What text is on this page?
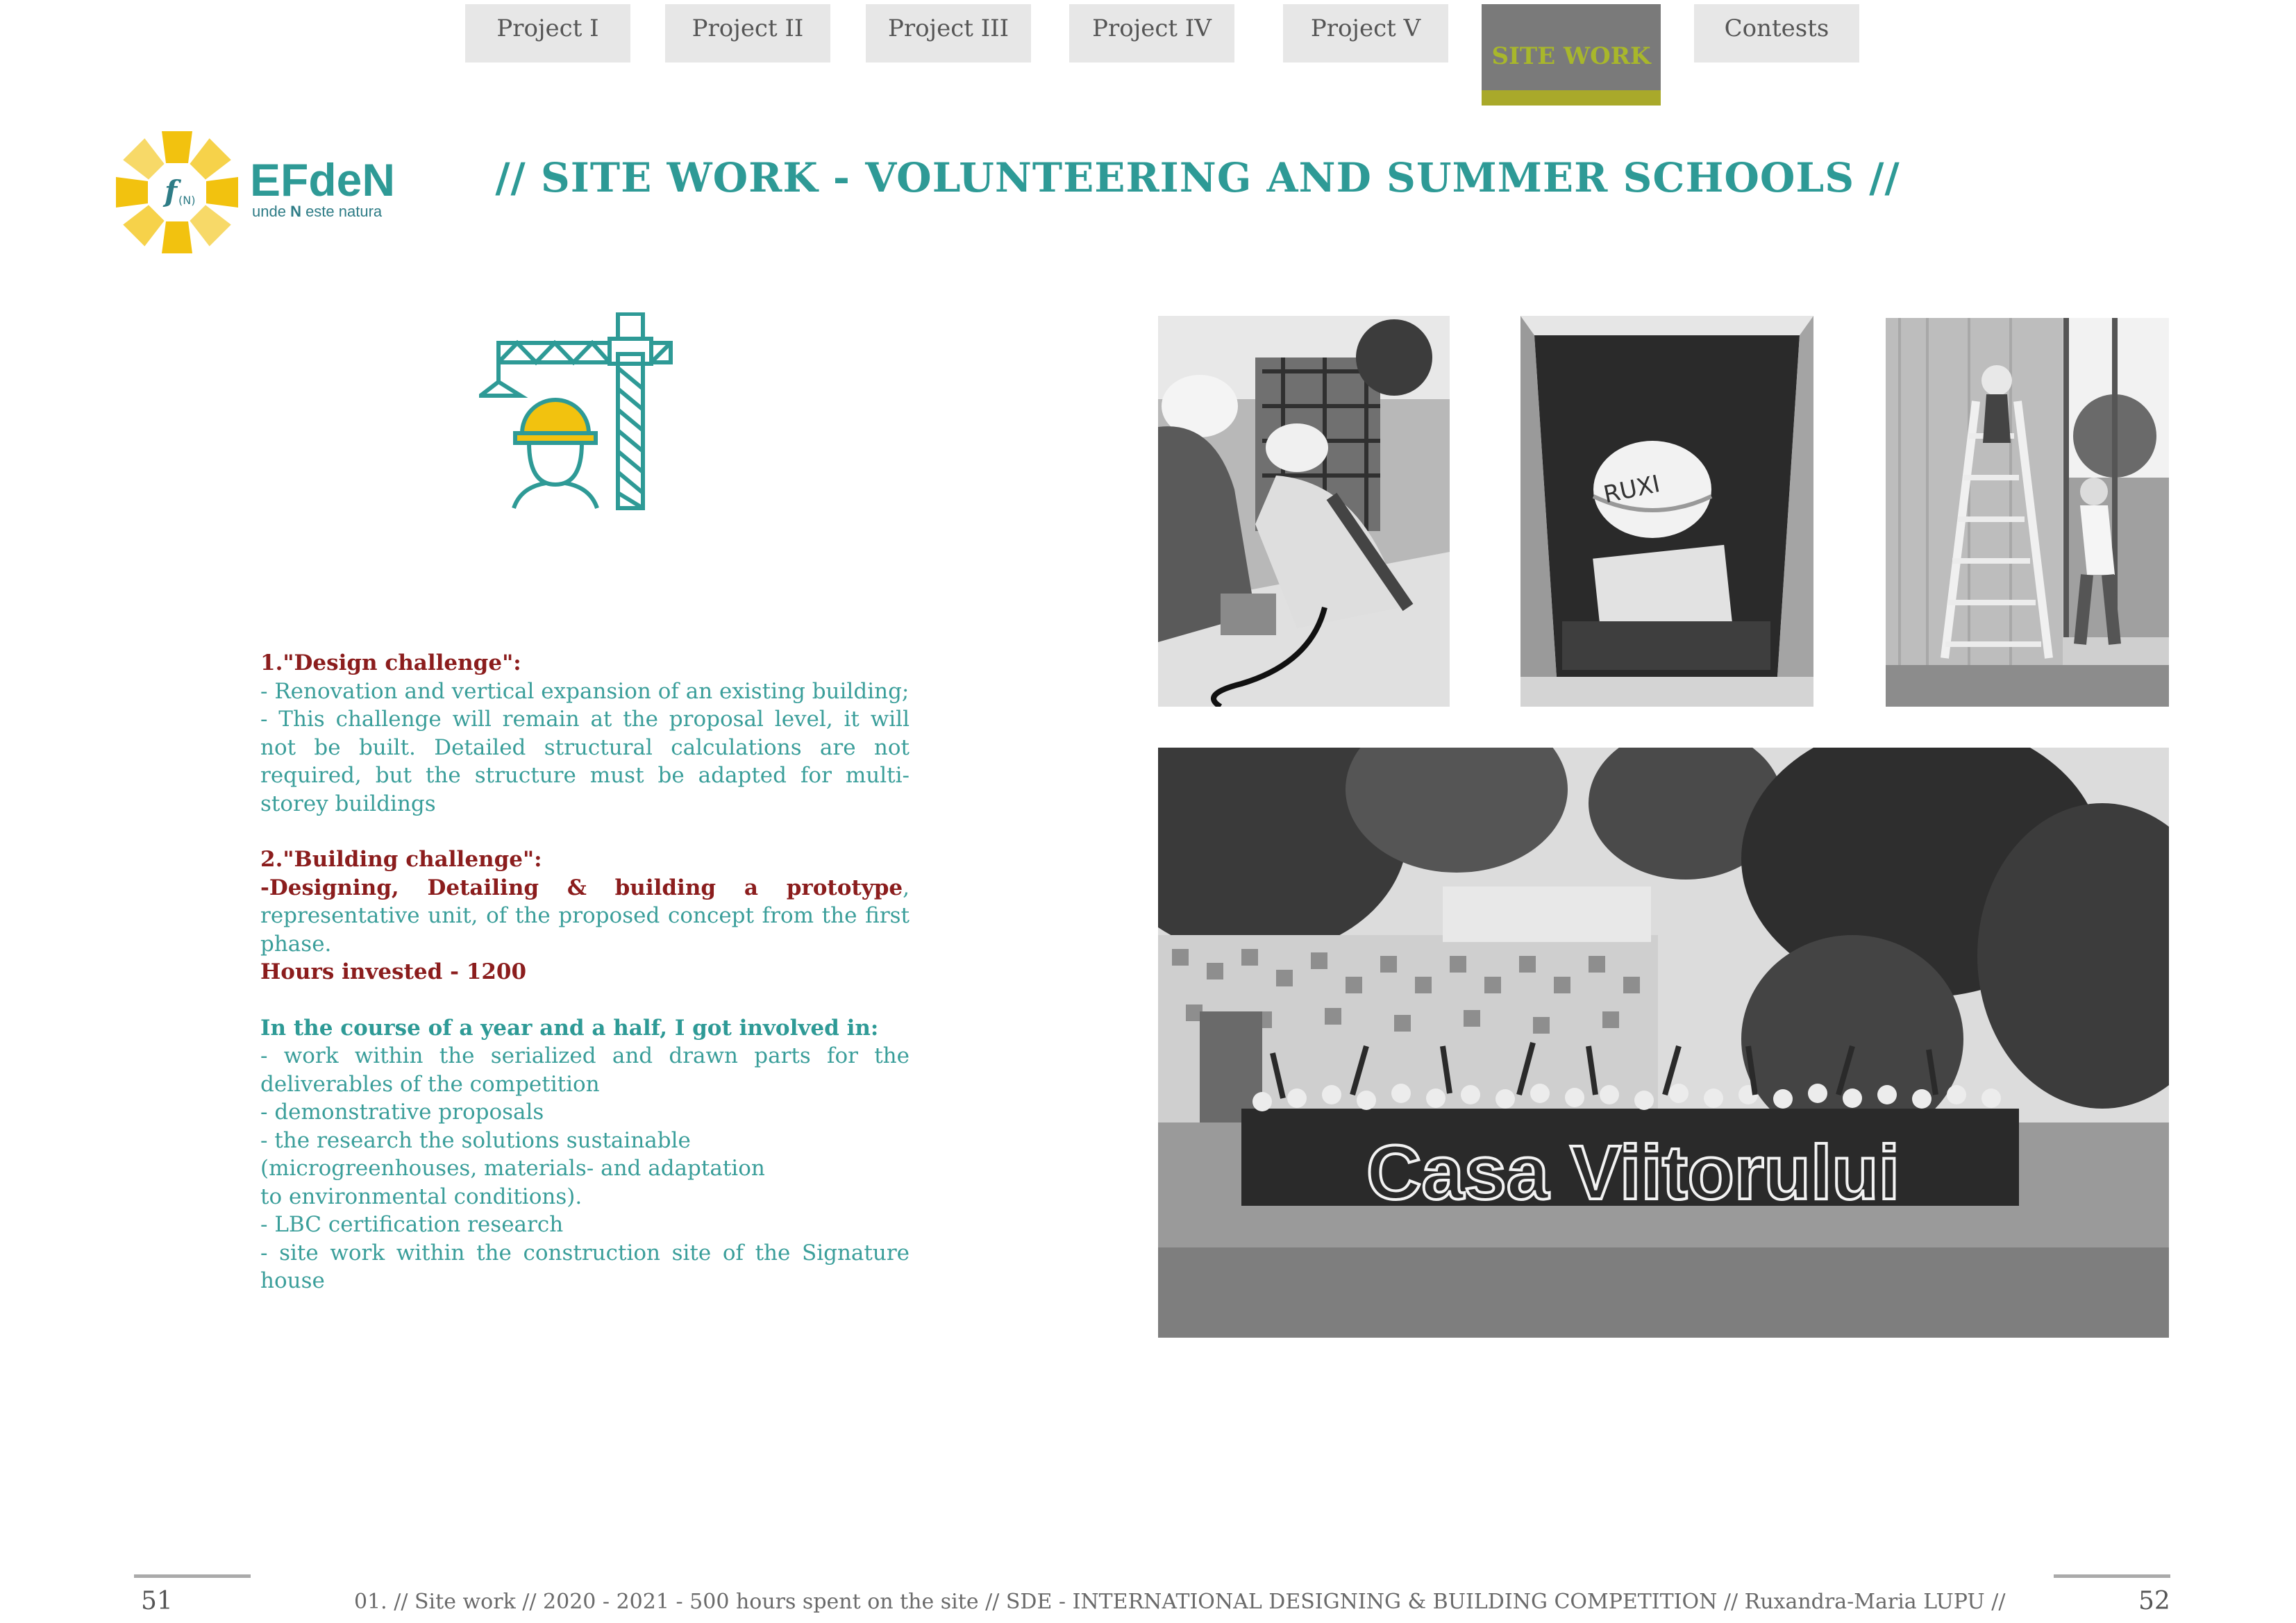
Project I	Project II	Project III	Project IV	Project V
SITE WORK
Contests
f (N) EFdeN
unde N este natura
// SITE WORK - VOLUNTEERING AND SUMMER SCHOOLS //

1."Design challenge":

- Renovation and vertical expansion of an existing building;

- This challenge will remain at the proposal level, it will not be built. Detailed structural calculations are not required, but the structure must be adapted for multi-storey buildings

2."Building challenge":

-Designing, Detailing & building a prototype, representative unit, of the proposed concept from the first phase.

Hours invested - 1200

In the course of a year and a half, I got involved in:

- work within the serialized and drawn parts for the deliverables of the competition

- demonstrative proposals

- the research the solutions sustainable

(microgreenhouses, materials- and adaptation

to environmental conditions).

- LBC certification research

- site work within the construction site of the Signature house

RUXI
Casa Viitorului
51	52
01. // Site work // 2020 - 2021 - 500 hours spent on the site // SDE - INTERNATIONAL DESIGNING & BUILDING COMPETITION // Ruxandra-Maria LUPU //
